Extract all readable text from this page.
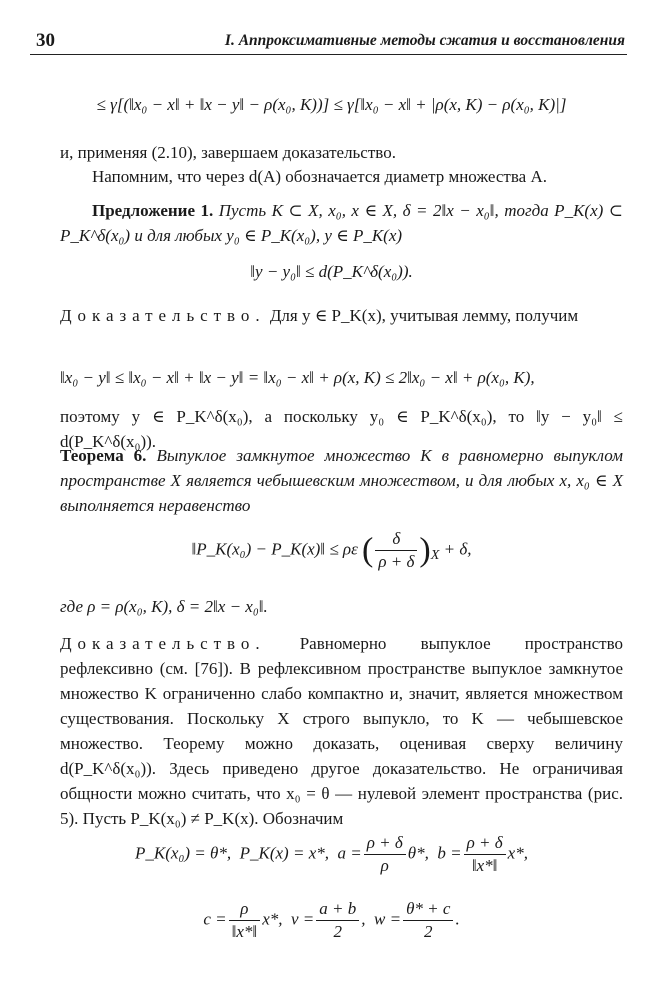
30	I. Аппроксимативные методы сжатия и восстановления
≤ γ[(‖x₀ − x‖ + ‖x − y‖ − ρ(x₀, K))] ≤ γ[‖x₀ − x‖ + |ρ(x, K) − ρ(x₀, K)|]
и, применяя (2.10), завершаем доказательство.
Напомним, что через d(A) обозначается диаметр множества A.
Предложение 1. Пусть K ⊂ X, x₀, x ∈ X, δ = 2‖x − x₀‖, тогда P_K(x) ⊂ P_K^δ(x₀) и для любых y₀ ∈ P_K(x₀), y ∈ P_K(x)
‖y − y₀‖ ≤ d(P_K^δ(x₀)).
Доказательство. Для y ∈ P_K(x), учитывая лемму, получим
‖x₀ − y‖ ≤ ‖x₀ − x‖ + ‖x − y‖ = ‖x₀ − x‖ + ρ(x, K) ≤ 2‖x₀ − x‖ + ρ(x₀, K),
поэтому y ∈ P_K^δ(x₀), а поскольку y₀ ∈ P_K^δ(x₀), то ‖y − y₀‖ ≤ d(P_K^δ(x₀)).
Теорема 6. Выпуклое замкнутое множество K в равномерно выпуклом пространстве X является чебышевским множеством, и для любых x, x₀ ∈ X выполняется неравенство
‖P_K(x₀) − P_K(x)‖ ≤ ρε ( $\frac{\delta}{\rho + \delta} )_X + \delta$,
где ρ = ρ(x₀, K), δ = 2‖x − x₀‖.
Доказательство. Равномерно выпуклое пространство рефлексивно (см. [76]). В рефлексивном пространстве выпуклое замкнутое множество K ограниченно слабо компактно и, значит, является множеством существования. Поскольку X строго выпукло, то K — чебышевское множество. Теорему можно доказать, оценивая сверху величину d(P_K^δ(x₀)). Здесь приведено другое доказательство. Не ограничивая общности можно считать, что x₀ = θ — нулевой элемент пространства (рис. 5). Пусть P_K(x₀) ≠ P_K(x). Обозначим
P_K(x₀) = θ*, P_K(x) = x*, $a = \frac{\rho + \delta}{\rho} \theta*$, $b = \frac{\rho + \delta}{‖x*‖} x*$,
$c = \frac{\rho}{‖x*‖} x*$, $v = \frac{a + b}{2}$ , $w = \frac{\theta* + c}{2}$ .
